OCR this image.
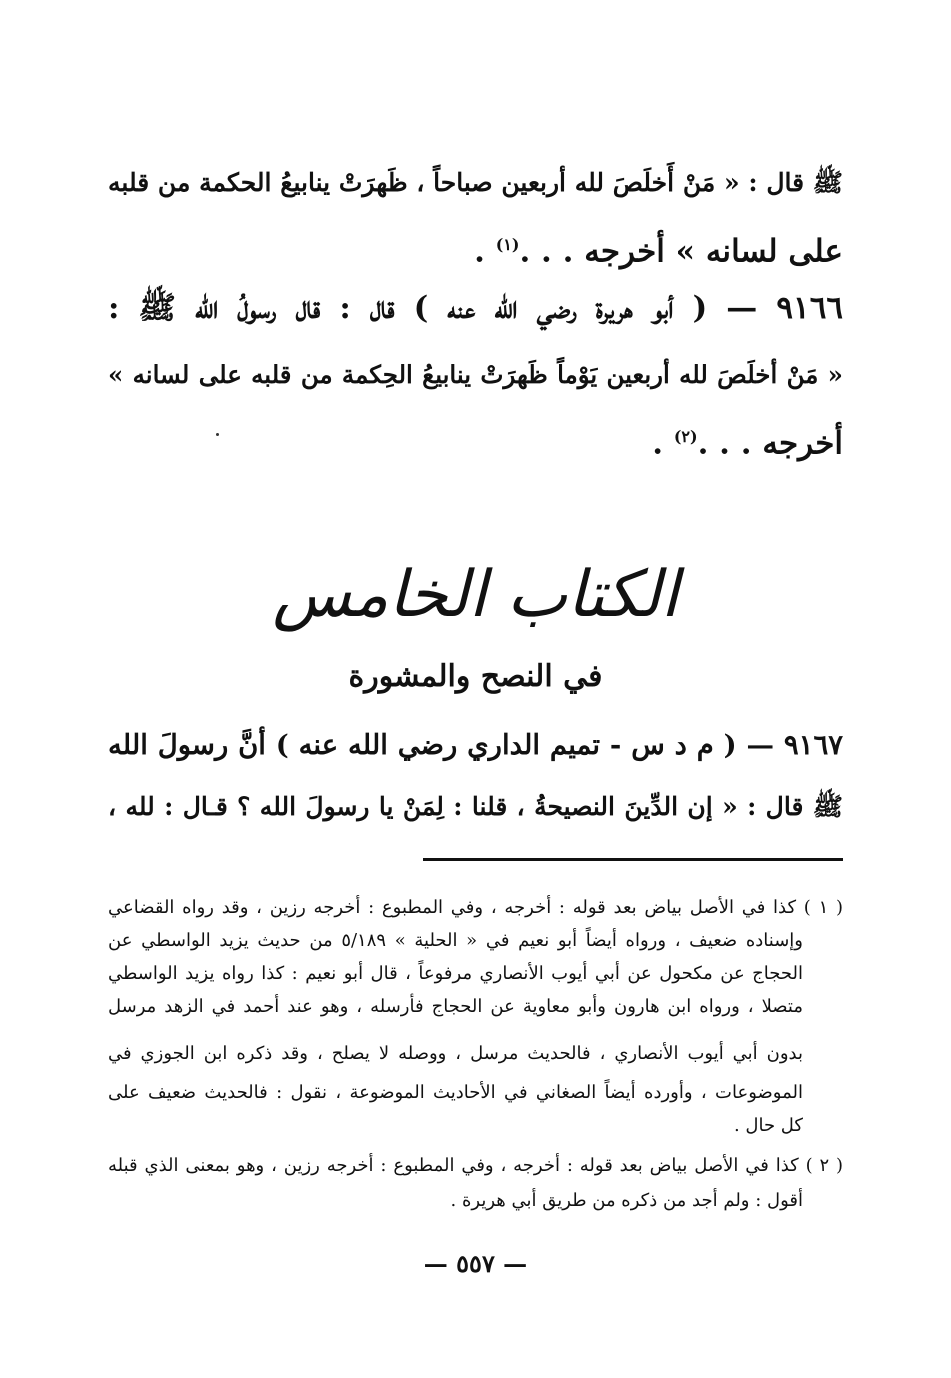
ﷺ قال : « مَنْ أَخلَصَ لله أربعين صباحاً ، ظَهرَتْ ينابيعُ الحكمة من قلبه
على لسانه » أخرجه . . .$^{(١)}$ .
٩١٦٦ — ( أبو هريرة رضي الله عنه ) قال : قال رسولُ الله ﷺ :
« مَنْ أخلَصَ لله أربعين يَوْماً ظَهرَتْ ينابيعُ الحِكمة من قلبه على لسانه »
أخرجه . . .$^{(٢)}$ .
الكتاب الخامس
في النصح والمشورة
٩١٦٧ — ( م د س - تميم الداري رضي الله عنه ) أنَّ رسولَ الله
ﷺ قال : « إن الدِّينَ النصيحةُ ، قلنا : لِمَنْ يا رسولَ الله ؟ قـال : لله ،
( ١ ) كذا في الأصل بياض بعد قوله : أخرجه ، وفي المطبوع : أخرجه رزين ، وقد رواه القضاعي
وإسناده ضعيف ، ورواه أيضاً أبو نعيم في « الحلية » ٥/١٨٩ من حديث يزيد الواسطي عن
الحجاج عن مكحول عن أبي أيوب الأنصاري مرفوعاً ، قال أبو نعيم : كذا رواه يزيد الواسطي
متصلا ، ورواه ابن هارون وأبو معاوية عن الحجاج فأرسله ، وهو عند أحمد في الزهد مرسل
بدون أبي أيوب الأنصاري ، فالحديث مرسل ، ووصله لا يصلح ، وقد ذكره ابن الجوزي في
الموضوعات ، وأورده أيضاً الصغاني في الأحاديث الموضوعة ، نقول : فالحديث ضعيف على
كل حال .
( ٢ ) كذا في الأصل بياض بعد قوله : أخرجه ، وفي المطبوع : أخرجه رزين ، وهو بمعنى الذي قبله
أقول : ولم أجد من ذكره من طريق أبي هريرة .
— ٥٥٧ —
